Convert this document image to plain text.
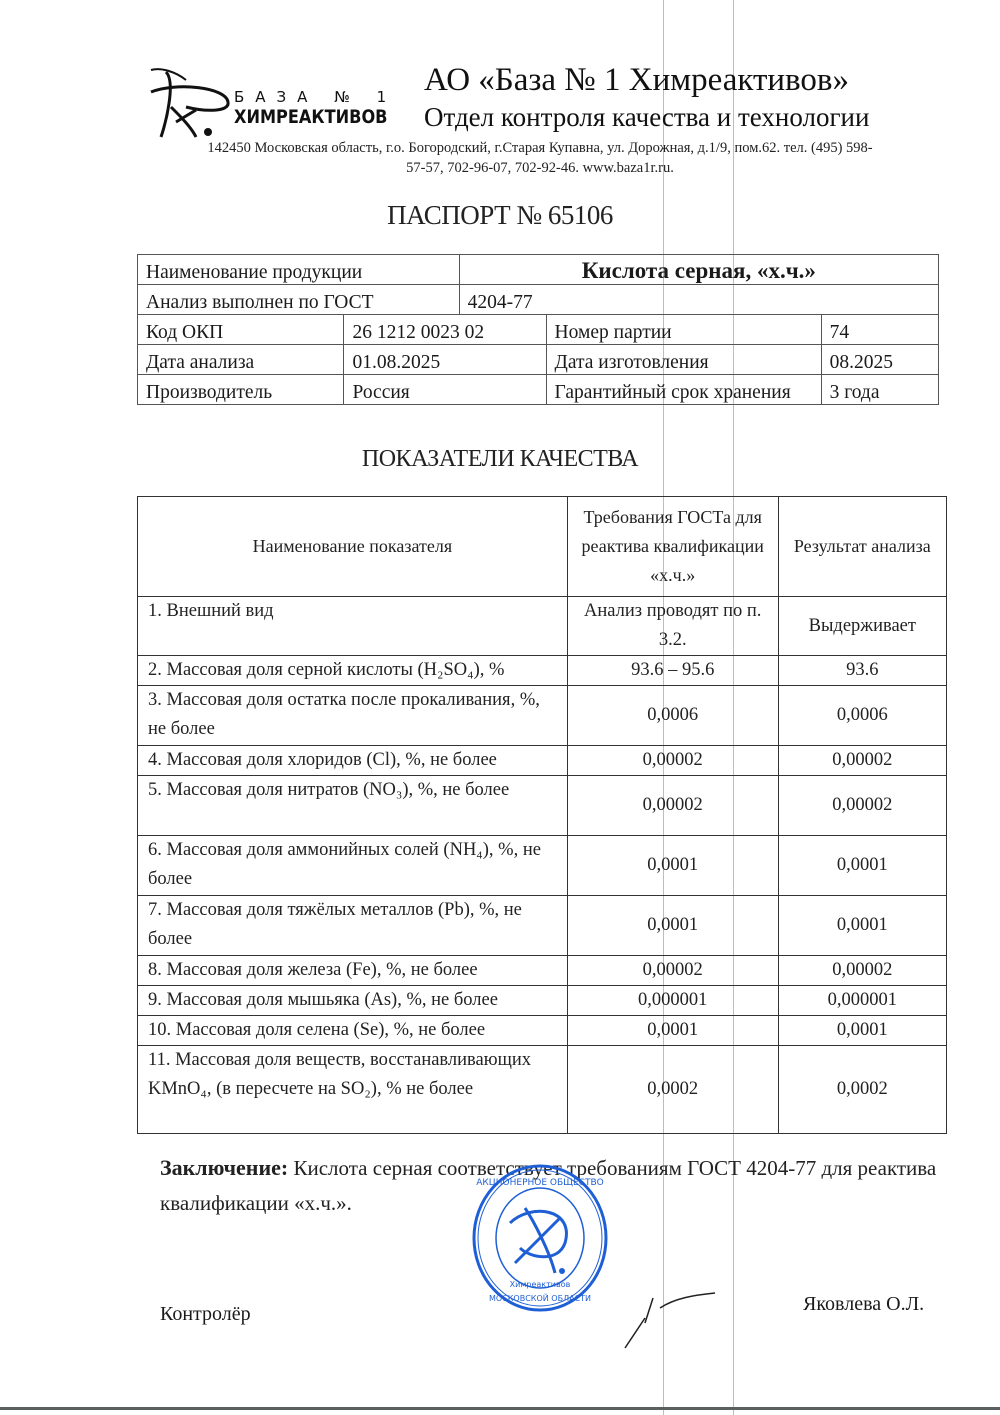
БАЗА № 1
ХИМРЕАКТИВОВ
АО «База № 1 Химреактивов»
Отдел контроля качества и технологии
142450 Московская область, г.о. Богородский, г.Старая Купавна, ул. Дорожная, д.1/9, пом.62. тел. (495) 598-
57-57, 702-96-07, 702-92-46. www.baza1r.ru.
ПАСПОРТ № 65106
Наименование продукции		Кислота серная, «х.ч.»		
Анализ выполнен по ГОСТ		4204-77		
Код ОКП	26 1212 0023 02		Номер партии	74
Дата анализа	01.08.2025		Дата изготовления	08.2025
Производитель	Россия		Гарантийный срок хранения	3 года
ПОКАЗАТЕЛИ КАЧЕСТВА
Наименование показателя	Требования ГОСТа для реактива квалификации «х.ч.»	Результат анализа
1. Внешний вид	Анализ проводят по п. 3.2.	Выдерживает
2. Массовая доля серной кислоты (H₂SO₄), %	93.6 – 95.6	93.6
3. Массовая доля остатка после прокаливания, %, не более	0,0006	0,0006
4. Массовая доля хлоридов (Cl), %, не более	0,00002	0,00002
5. Массовая доля нитратов (NO₃), %, не более	0,00002	0,00002
6. Массовая доля аммонийных солей (NH₄), %, не более	0,0001	0,0001
7. Массовая доля тяжёлых металлов (Pb), %, не более	0,0001	0,0001
8. Массовая доля железа (Fe), %, не более	0,00002	0,00002
9. Массовая доля мышьяка (As), %, не более	0,000001	0,000001
10. Массовая доля селена (Se), %, не более	0,0001	0,0001
11. Массовая доля веществ, восстанавливающих KMnO₄, (в пересчете на SO₂), % не более	0,0002	0,0002
Заключение: Кислота серная соответствует требованиям ГОСТ 4204-77 для реактива квалификации «х.ч.».
АКЦИОНЕРНОЕ ОБЩЕСТВО
МОСКОВСКОЙ ОБЛАСТИ
Химреактивов
Контролёр	Яковлева О.Л.
